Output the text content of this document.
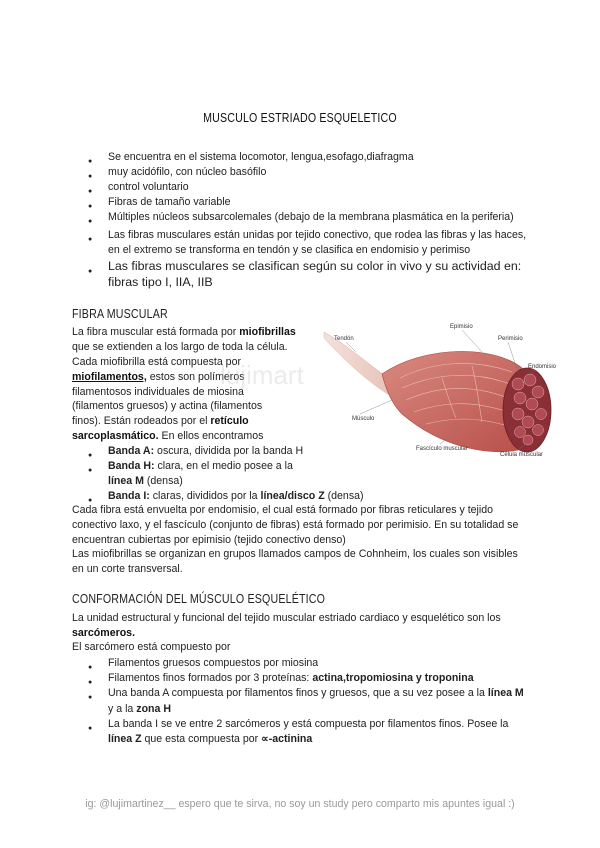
MUSCULO ESTRIADO ESQUELETICO
● Se encuentra en el sistema locomotor, lengua,esofago,diafragma
● muy acidófilo, con núcleo basófilo
● control voluntario
● Fibras de tamaño variable
● Múltiples núcleos subsarcolemales (debajo de la membrana plasmática en la periferia)
● Las fibras musculares están unidas por tejido conectivo, que rodea las fibras y las haces, en el extremo se transforma en tendón y se clasifica en endomisio y perimiso
● Las fibras musculares se clasifican según su color in vivo y su actividad en: fibras tipo I, IIA, IIB
FIBRA MUSCULAR
La fibra muscular está formada por miofibrillas que se extienden a los largo de toda la célula.
Cada miofibrilla está compuesta por miofilamentos, estos son polímeros filamentosos individuales de miosina (filamentos gruesos) y actina (filamentos finos). Están rodeados por el retículo sarcoplasmático. En ellos encontramos
● Banda A: oscura, dividida por la banda H
● Banda H: clara, en el medio posee a la línea M (densa)
● Banda I: claras, divididos por la línea/disco Z (densa)
Cada fibra está envuelta por endomisio, el cual está formado por fibras reticulares y tejido conectivo laxo, y el fascículo (conjunto de fibras) está formado por perimisio. En su totalidad se encuentran cubiertas por epimisio (tejido conectivo denso)
Las miofibrillas se organizan en grupos llamados campos de Cohnheim, los cuales son visibles en un corte transversal.
Tendón
Epimisio
Perimisio
Endomisio
Músculo
Fascículo muscular
Célula muscular
lujimart
CONFORMACIÓN DEL MÚSCULO ESQUELÉTICO
La unidad estructural y funcional del tejido muscular estriado cardiaco y esquelético son los sarcómeros.
El sarcómero está compuesto por
● Filamentos gruesos compuestos por miosina
● Filamentos finos formados por 3 proteínas: actina,tropomiosina y troponina
● Una banda A compuesta por filamentos finos y gruesos, que a su vez posee a la línea M y a la zona H
● La banda I se ve entre 2 sarcómeros y está compuesta por filamentos finos. Posee la línea Z que esta compuesta por ∝-actinina
ig: @lujimartinez__ espero que te sirva, no soy un study pero comparto mis apuntes igual :)
